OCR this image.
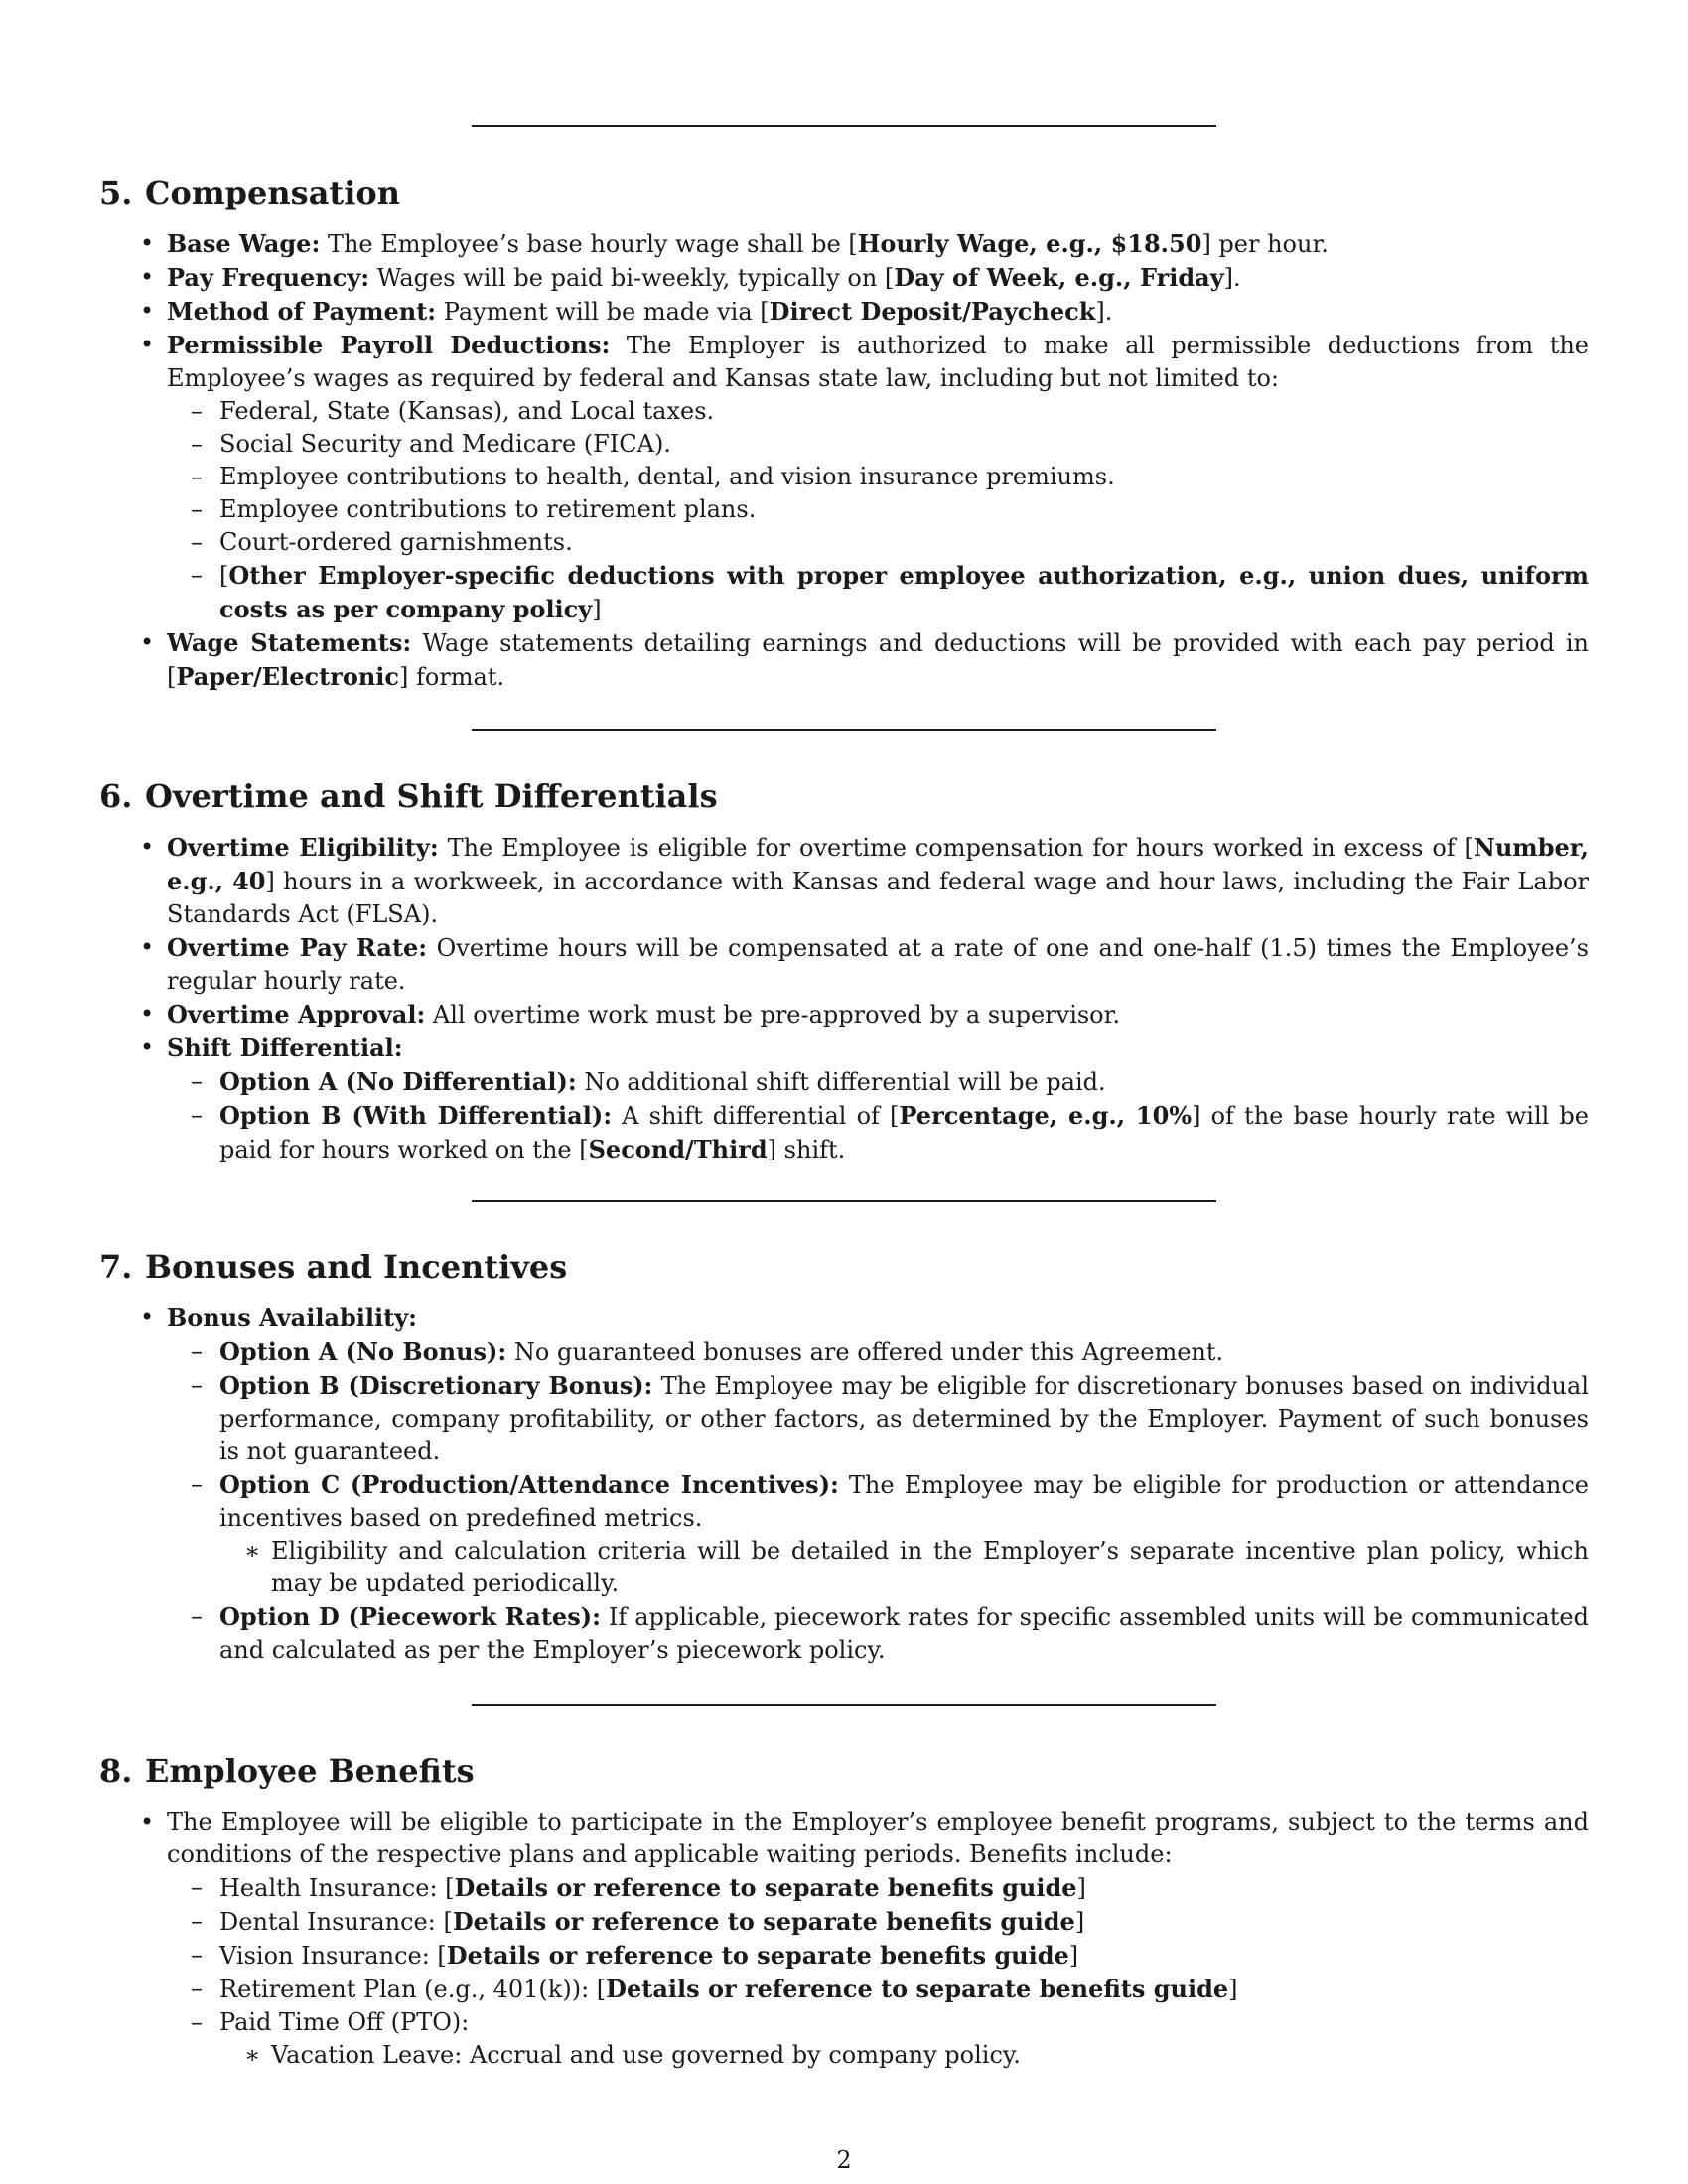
5. Compensation
• Base Wage: The Employee’s base hourly wage shall be [Hourly Wage, e.g., $18.50] per hour.
• Pay Frequency: Wages will be paid bi-weekly, typically on [Day of Week, e.g., Friday].
• Method of Payment: Payment will be made via [Direct Deposit/Paycheck].
• Permissible Payroll Deductions: The Employer is authorized to make all permissible deductions from the Employee’s wages as required by federal and Kansas state law, including but not limited to:
– Federal, State (Kansas), and Local taxes.
– Social Security and Medicare (FICA).
– Employee contributions to health, dental, and vision insurance premiums.
– Employee contributions to retirement plans.
– Court-ordered garnishments.
– [Other Employer-specific deductions with proper employee authorization, e.g., union dues, uniform costs as per company policy]
• Wage Statements: Wage statements detailing earnings and deductions will be provided with each pay period in [Paper/Electronic] format.
6. Overtime and Shift Differentials
• Overtime Eligibility: The Employee is eligible for overtime compensation for hours worked in excess of [Number, e.g., 40] hours in a workweek, in accordance with Kansas and federal wage and hour laws, including the Fair Labor Standards Act (FLSA).
• Overtime Pay Rate: Overtime hours will be compensated at a rate of one and one-half (1.5) times the Employee’s regular hourly rate.
• Overtime Approval: All overtime work must be pre-approved by a supervisor.
• Shift Differential:
– Option A (No Differential): No additional shift differential will be paid.
– Option B (With Differential): A shift differential of [Percentage, e.g., 10%] of the base hourly rate will be paid for hours worked on the [Second/Third] shift.
7. Bonuses and Incentives
• Bonus Availability:
– Option A (No Bonus): No guaranteed bonuses are offered under this Agreement.
– Option B (Discretionary Bonus): The Employee may be eligible for discretionary bonuses based on individual performance, company profitability, or other factors, as determined by the Employer. Payment of such bonuses is not guaranteed.
– Option C (Production/Attendance Incentives): The Employee may be eligible for production or attendance incentives based on predefined metrics.
∗ Eligibility and calculation criteria will be detailed in the Employer’s separate incentive plan policy, which may be updated periodically.
– Option D (Piecework Rates): If applicable, piecework rates for specific assembled units will be communicated and calculated as per the Employer’s piecework policy.
8. Employee Benefits
• The Employee will be eligible to participate in the Employer’s employee benefit programs, subject to the terms and conditions of the respective plans and applicable waiting periods. Benefits include:
– Health Insurance: [Details or reference to separate benefits guide]
– Dental Insurance: [Details or reference to separate benefits guide]
– Vision Insurance: [Details or reference to separate benefits guide]
– Retirement Plan (e.g., 401(k)): [Details or reference to separate benefits guide]
– Paid Time Off (PTO):
∗ Vacation Leave: Accrual and use governed by company policy.
2
